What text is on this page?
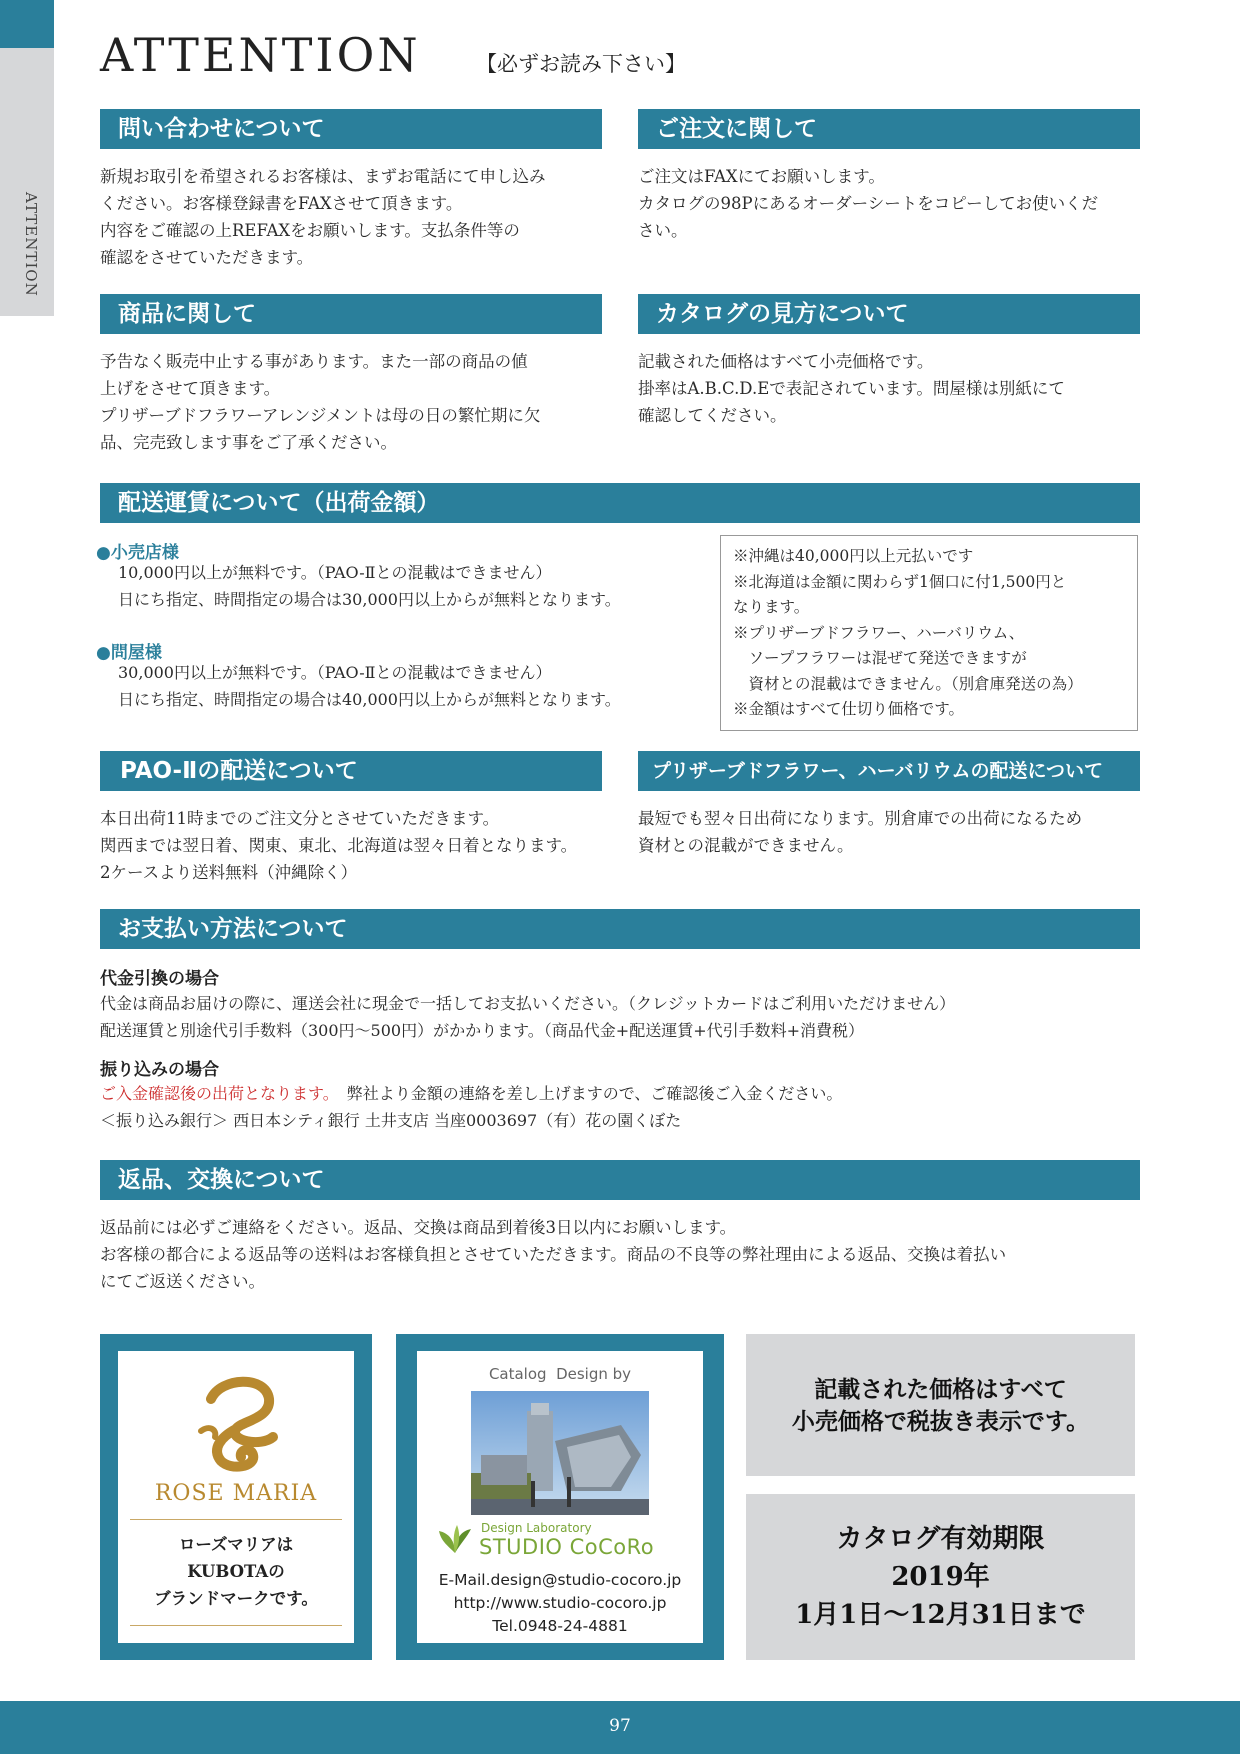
ATTENTION
ATTENTION	【必ずお読み下さい】
問い合わせについて

新規お取引を希望されるお客様は、まずお電話にて申し込み

ください。お客様登録書をFAXさせて頂きます。

内容をご確認の上REFAXをお願いします。支払条件等の

確認をさせていただきます。

ご注文に関して

ご注文はFAXにてお願いします。

カタログの98Pにあるオーダーシートをコピーしてお使いくだ

さい。

商品に関して

予告なく販売中止する事があります。また一部の商品の値

上げをさせて頂きます。

プリザーブドフラワーアレンジメントは母の日の繁忙期に欠

品、完売致します事をご了承ください。

カタログの見方について

記載された価格はすべて小売価格です。

掛率はA.B.C.D.Eで表記されています。問屋様は別紙にて

確認してください。

配送運賃について（出荷金額）
●小売店様

10,000円以上が無料です。（PAO-Ⅱとの混載はできません）

日にち指定、時間指定の場合は30,000円以上からが無料となります。

●問屋様

30,000円以上が無料です。（PAO-Ⅱとの混載はできません）

日にち指定、時間指定の場合は40,000円以上からが無料となります。

※沖縄は40,000円以上元払いです

※北海道は金額に関わらず1個口に付1,500円と

なります。

※プリザーブドフラワー、ハーバリウム、

　ソープフラワーは混ぜて発送できますが

　資材との混載はできません。（別倉庫発送の為）

※金額はすべて仕切り価格です。

PAO-Ⅱの配送について

本日出荷11時までのご注文分とさせていただきます。

関西までは翌日着、関東、東北、北海道は翌々日着となります。

2ケースより送料無料（沖縄除く）

プリザーブドフラワー、ハーバリウムの配送について

最短でも翌々日出荷になります。別倉庫での出荷になるため

資材との混載ができません。

お支払い方法について
代金引換の場合

代金は商品お届けの際に、運送会社に現金で一括してお支払いください。（クレジットカードはご利用いただけません）

配送運賃と別途代引手数料（300円〜500円）がかかります。（商品代金+配送運賃+代引手数料+消費税）

振り込みの場合

ご入金確認後の出荷となります。　 弊社より金額の連絡を差し上げますので、ご確認後ご入金ください。

＜振り込み銀行＞ 西日本シティ銀行 土井支店 当座0003697（有）花の園くぼた

返品、交換について

返品前には必ずご連絡をください。返品、交換は商品到着後3日以内にお願いします。

お客様の都合による返品等の送料はお客様負担とさせていただきます。商品の不良等の弊社理由による返品、交換は着払い

にてご返送ください。

ROSE MARIA
ローズマリアは
KUBOTAの
ブランドマークです。
Catalog  Design by
Design Laboratory
STUDIO CoCoRo
E-Mail.design@studio-cocoro.jp
http://www.studio-cocoro.jp
Tel.0948-24-4881
記載された価格はすべて
小売価格で税抜き表示です。
カタログ有効期限
2019年
1月1日〜12月31日まで
97
